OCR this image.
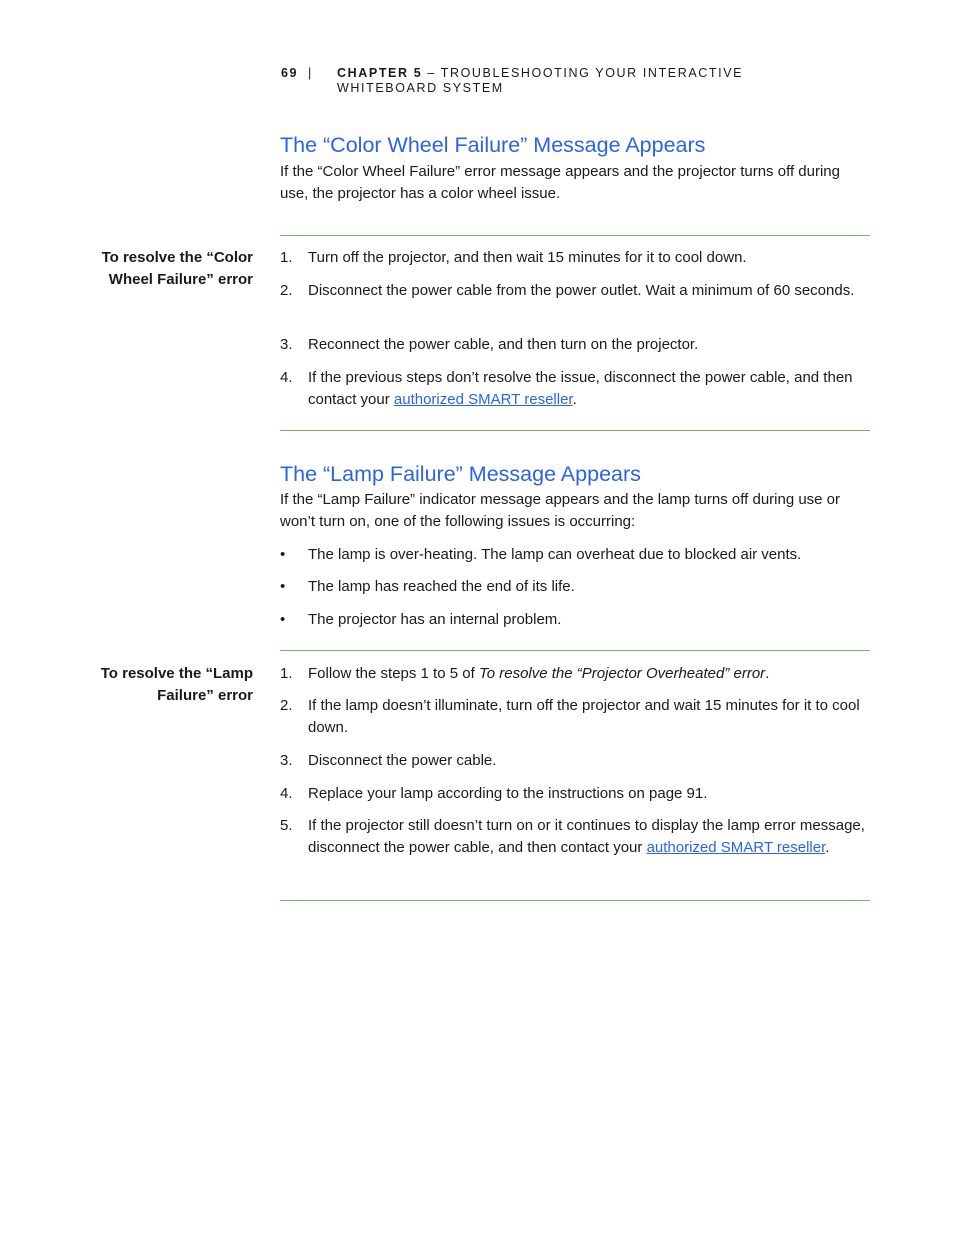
69 | CHAPTER 5 – TROUBLESHOOTING YOUR INTERACTIVE WHITEBOARD SYSTEM
The “Color Wheel Failure” Message Appears

If the “Color Wheel Failure” error message appears and the projector turns off during use, the projector has a color wheel issue.

To resolve the “Color Wheel Failure” error
1. Turn off the projector, and then wait 15 minutes for it to cool down.
2. Disconnect the power cable from the power outlet. Wait a minimum of 60 seconds.
3. Reconnect the power cable, and then turn on the projector.
4. If the previous steps don’t resolve the issue, disconnect the power cable, and then contact your authorized SMART reseller.
The “Lamp Failure” Message Appears

If the “Lamp Failure” indicator message appears and the lamp turns off during use or won’t turn on, one of the following issues is occurring:

• The lamp is over-heating. The lamp can overheat due to blocked air vents.
• The lamp has reached the end of its life.
• The projector has an internal problem.
To resolve the “Lamp Failure” error
1. Follow the steps 1 to 5 of To resolve the “Projector Overheated” error.
2. If the lamp doesn’t illuminate, turn off the projector and wait 15 minutes for it to cool down.
3. Disconnect the power cable.
4. Replace your lamp according to the instructions on page 91.
5. If the projector still doesn’t turn on or it continues to display the lamp error message, disconnect the power cable, and then contact your authorized SMART reseller.
